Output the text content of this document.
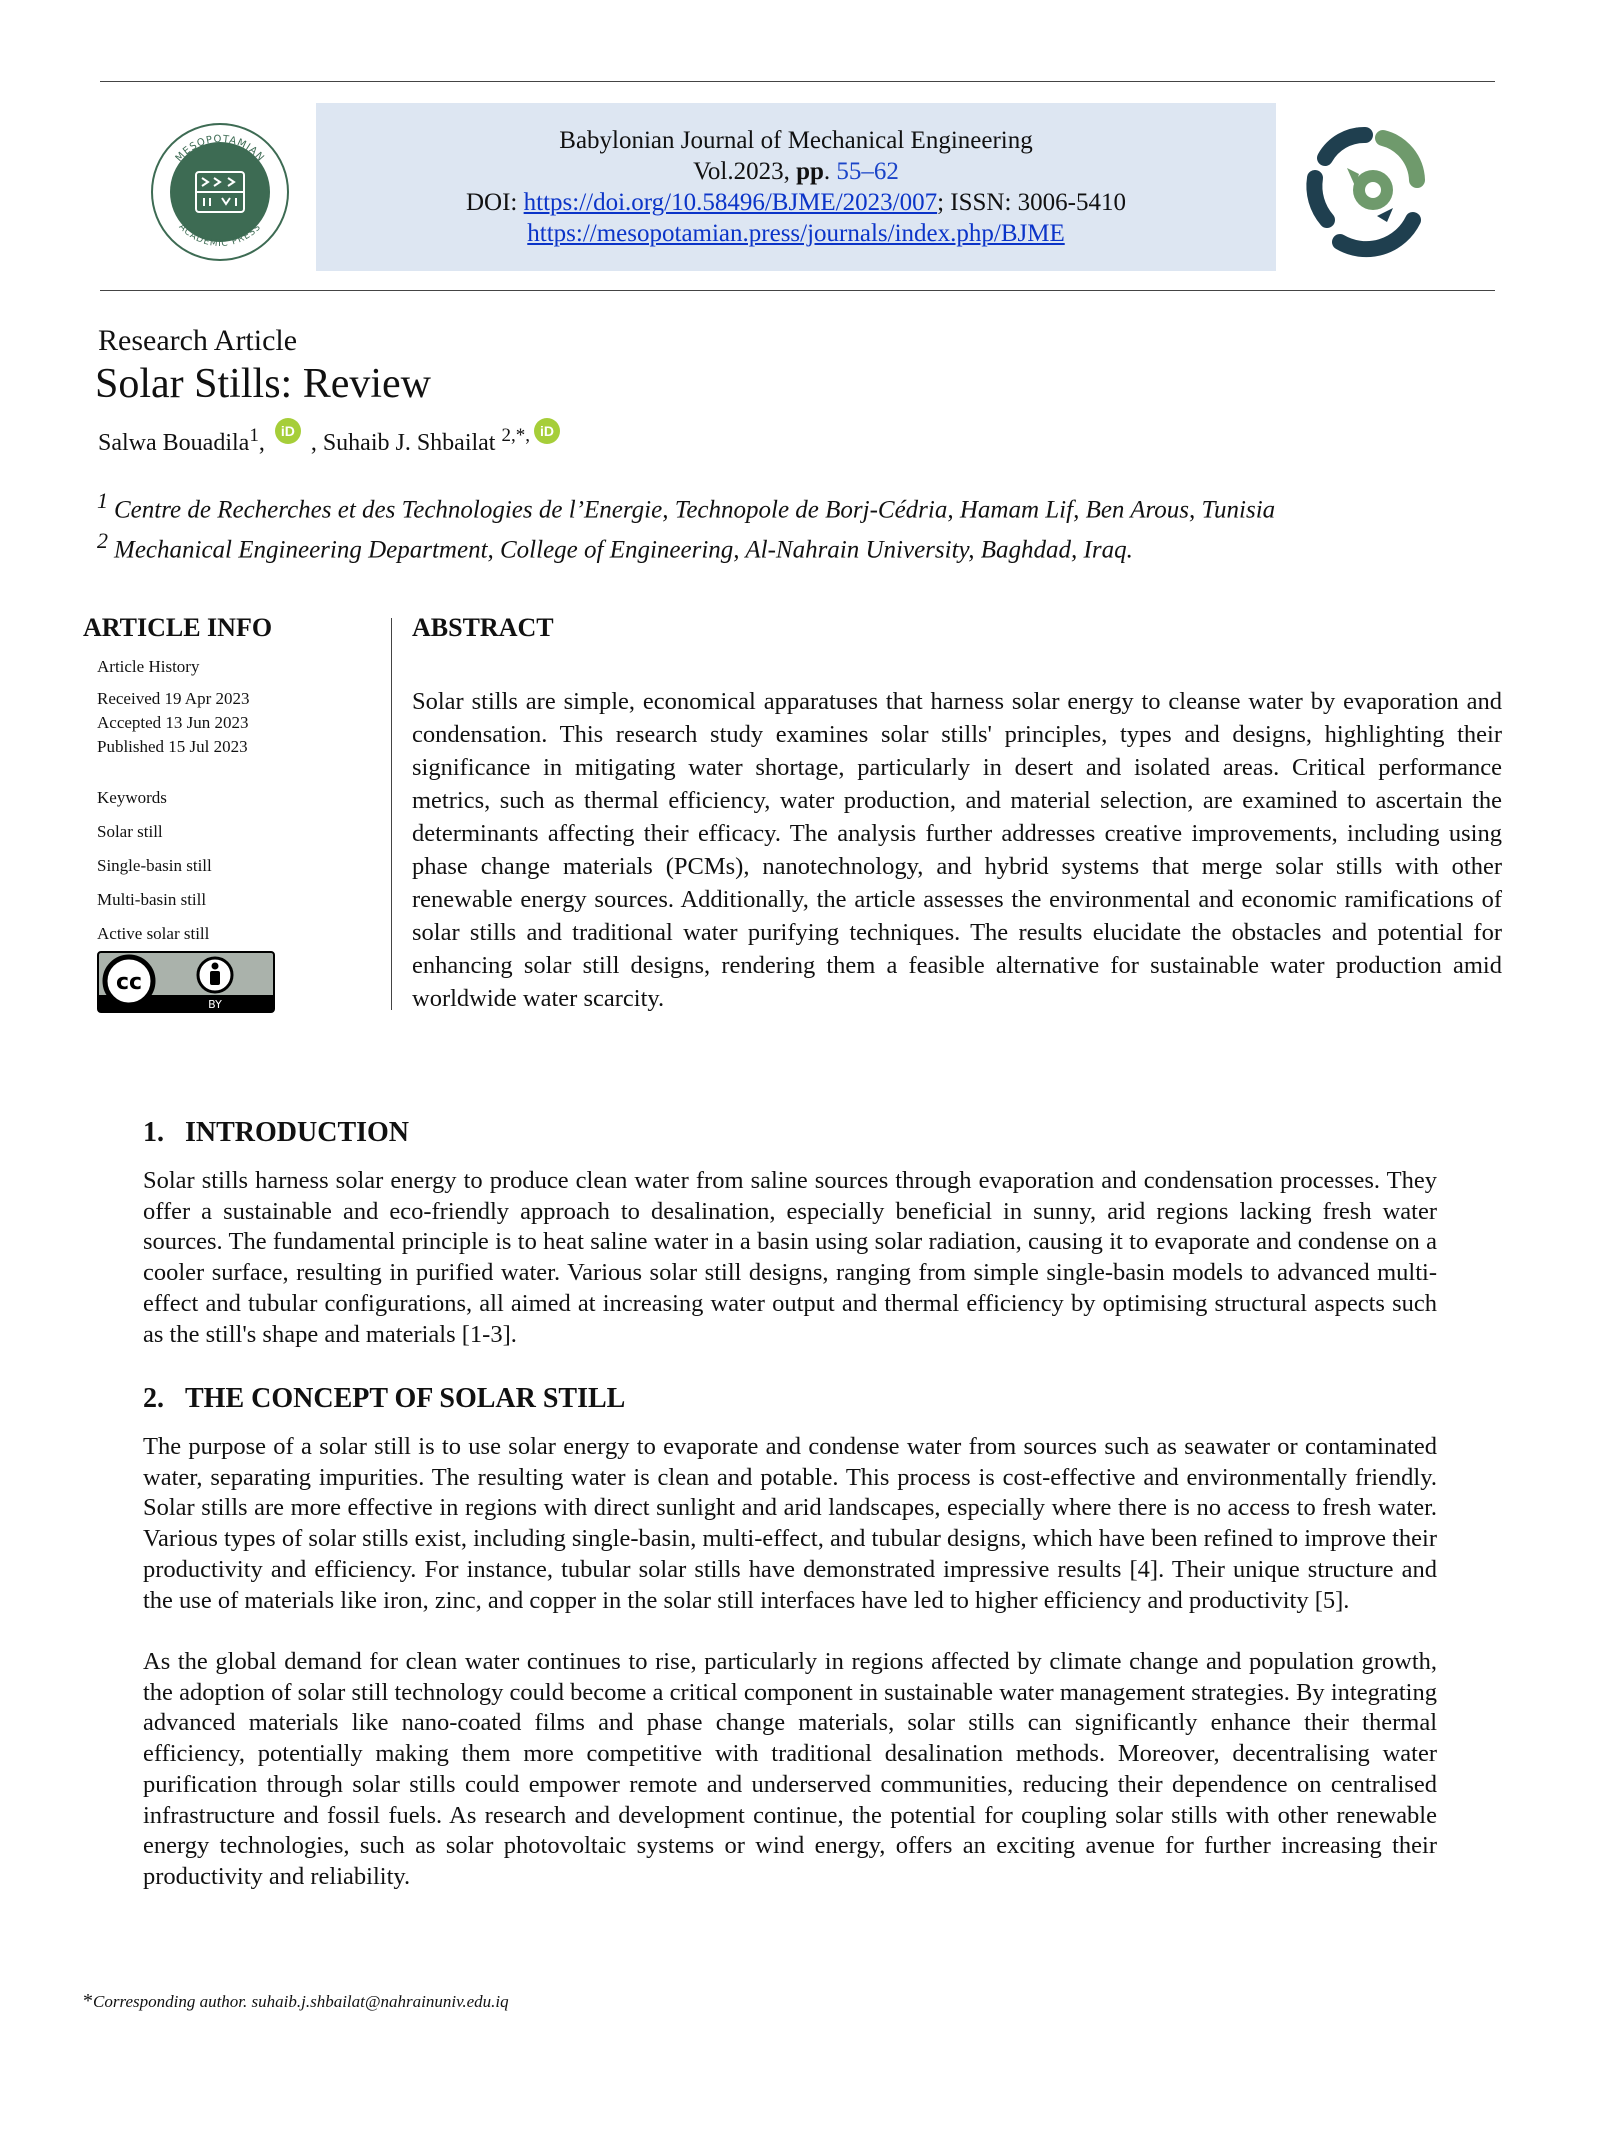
MESOPOTAMIAN
ACADEMIC PRESS
Babylonian Journal of Mechanical Engineering
Vol.2023, pp. 55–62
DOI: https://doi.org/10.58496/BJME/2023/007; ISSN: 3006-5410
https://mesopotamian.press/journals/index.php/BJME
Research Article
Solar Stills: Review
Salwa Bouadila$^1$, iD , Suhaib J. Shbailat $^{2,*,}$ iD
$^1$ Centre de Recherches et des Technologies de l’Energie, Technopole de Borj-Cédria, Hamam Lif, Ben Arous, Tunisia
$^2$ Mechanical Engineering Department, College of Engineering, Al-Nahrain University, Baghdad, Iraq.
ARTICLE INFO
Article History
Received 19 Apr 2023
Accepted 13 Jun 2023
Published 15 Jul 2023
Keywords
Solar still
Single-basin still
Multi-basin still
Active solar still
cc
BY
ABSTRACT

Solar stills are simple, economical apparatuses that harness solar energy to cleanse water by evaporation and condensation. This research study examines solar stills' principles, types and designs, highlighting their significance in mitigating water shortage, particularly in desert and isolated areas. Critical performance metrics, such as thermal efficiency, water production, and material selection, are examined to ascertain the determinants affecting their efficacy. The analysis further addresses creative improvements, including using phase change materials (PCMs), nanotechnology, and hybrid systems that merge solar stills with other renewable energy sources. Additionally, the article assesses the environmental and economic ramifications of solar stills and traditional water purifying techniques. The results elucidate the obstacles and potential for enhancing solar still designs, rendering them a feasible alternative for sustainable water production amid worldwide water scarcity.

1. INTRODUCTION

Solar stills harness solar energy to produce clean water from saline sources through evaporation and condensation processes. They offer a sustainable and eco-friendly approach to desalination, especially beneficial in sunny, arid regions lacking fresh water sources. The fundamental principle is to heat saline water in a basin using solar radiation, causing it to evaporate and condense on a cooler surface, resulting in purified water. Various solar still designs, ranging from simple single-basin models to advanced multi-effect and tubular configurations, all aimed at increasing water output and thermal efficiency by optimising structural aspects such as the still's shape and materials [1-3].

2. THE CONCEPT OF SOLAR STILL

The purpose of a solar still is to use solar energy to evaporate and condense water from sources such as seawater or contaminated water, separating impurities. The resulting water is clean and potable. This process is cost-effective and environmentally friendly. Solar stills are more effective in regions with direct sunlight and arid landscapes, especially where there is no access to fresh water. Various types of solar stills exist, including single-basin, multi-effect, and tubular designs, which have been refined to improve their productivity and efficiency. For instance, tubular solar stills have demonstrated impressive results [4]. Their unique structure and the use of materials like iron, zinc, and copper in the solar still interfaces have led to higher efficiency and productivity [5].

As the global demand for clean water continues to rise, particularly in regions affected by climate change and population growth, the adoption of solar still technology could become a critical component in sustainable water management strategies. By integrating advanced materials like nano-coated films and phase change materials, solar stills can significantly enhance their thermal efficiency, potentially making them more competitive with traditional desalination methods. Moreover, decentralising water purification through solar stills could empower remote and underserved communities, reducing their dependence on centralised infrastructure and fossil fuels. As research and development continue, the potential for coupling solar stills with other renewable energy technologies, such as solar photovoltaic systems or wind energy, offers an exciting avenue for further increasing their productivity and reliability.

*Corresponding author. suhaib.j.shbailat@nahrainuniv.edu.iq
